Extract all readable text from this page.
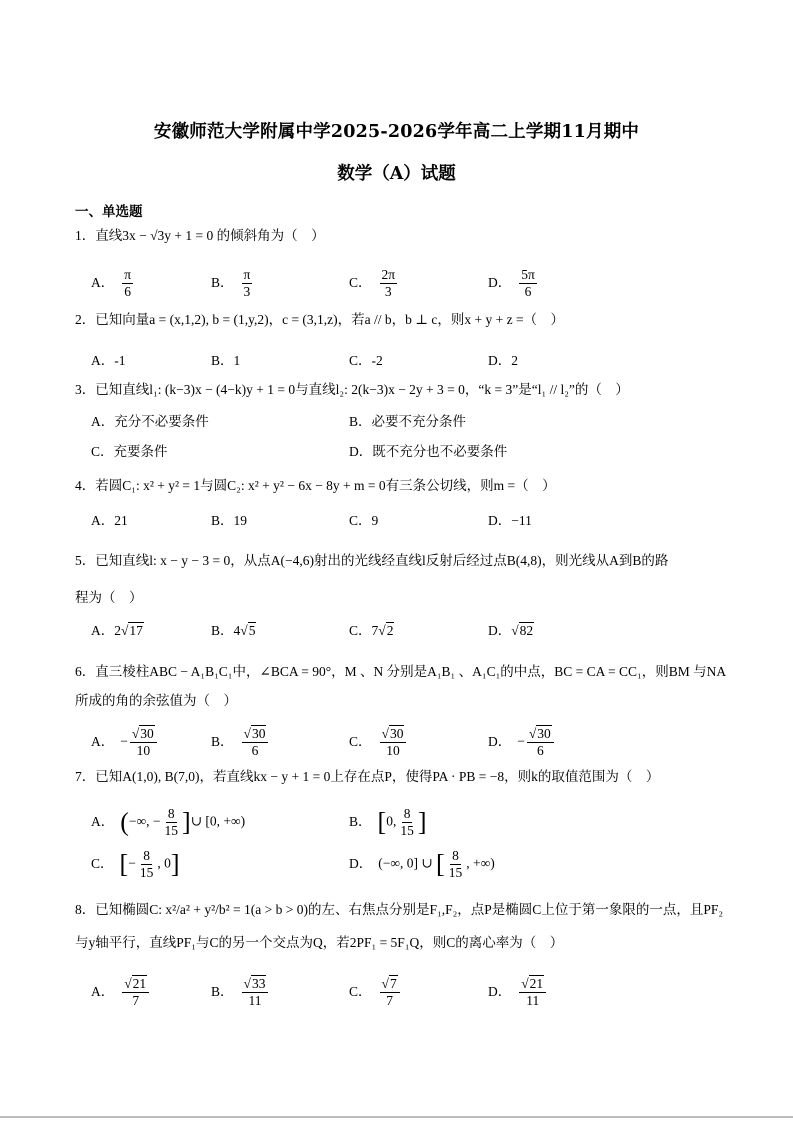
安徽师范大学附属中学2025-2026学年高二上学期11月期中
数学（A）试题
一、单选题
1．直线3x − √3y + 1 = 0 的倾斜角为（　）
A． $\frac{\pi}{6}$	B． $\frac{\pi}{3}$	C． $\frac{2\pi}{3}$	D． $\frac{5\pi}{6}$
2．已知向量a = (x,1,2), b = (1,y,2)，c = (3,1,z)，若a // b，b ⊥ c，则x + y + z =（　）
A．-1	B．1	C．-2	D．2
3．已知直线l₁: (k−3)x − (4−k)y + 1 = 0与直线l₂: 2(k−3)x − 2y + 3 = 0，“k = 3”是“l₁ // l₂”的（　）
A．充分不必要条件	B．必要不充分条件
C．充要条件	D．既不充分也不必要条件
4．若圆C₁: x² + y² = 1与圆C₂: x² + y² − 6x − 8y + m = 0有三条公切线，则m =（　）
A．21	B．19	C．9	D．−11
5．已知直线l: x − y − 3 = 0，从点A(−4,6)射出的光线经直线l反射后经过点B(4,8)，则光线从A到B的路
程为（　）
A．2√17	B．4√5	C．7√2	D．√82
6．直三棱柱ABC − A₁B₁C₁中，∠BCA = 90°，M 、N 分别是A₁B₁ 、A₁C₁的中点，BC = CA = CC₁，则BM 与NA
所成的角的余弦值为（　）
A． − $\frac{√30}{10}$	B． $\frac{√30}{6}$	C． $\frac{√30}{10}$	D． − $\frac{√30}{6}$
7．已知A(1,0), B(7,0)，若直线kx − y + 1 = 0上存在点P，使得PA · PB = −8，则k的取值范围为（　）
A． (−∞, − $\frac{8}{15}$ ]∪ [0, +∞)	B． [0, $\frac{8}{15}$ ]
C． [− $\frac{8}{15}$ , 0]	D． (−∞, 0] ∪ [ $\frac{8}{15}$ , +∞)
8．已知椭圆C: x²/a² + y²/b² = 1(a > b > 0)的左、右焦点分别是F₁,F₂，点P是椭圆C上位于第一象限的一点，且PF₂
与y轴平行，直线PF₁与C的另一个交点为Q，若2PF₁ = 5F₁Q，则C的离心率为（　）
A． $\frac{√21}{7}$	B． $\frac{√33}{11}$	C． $\frac{√7}{7}$	D． $\frac{√21}{11}$
